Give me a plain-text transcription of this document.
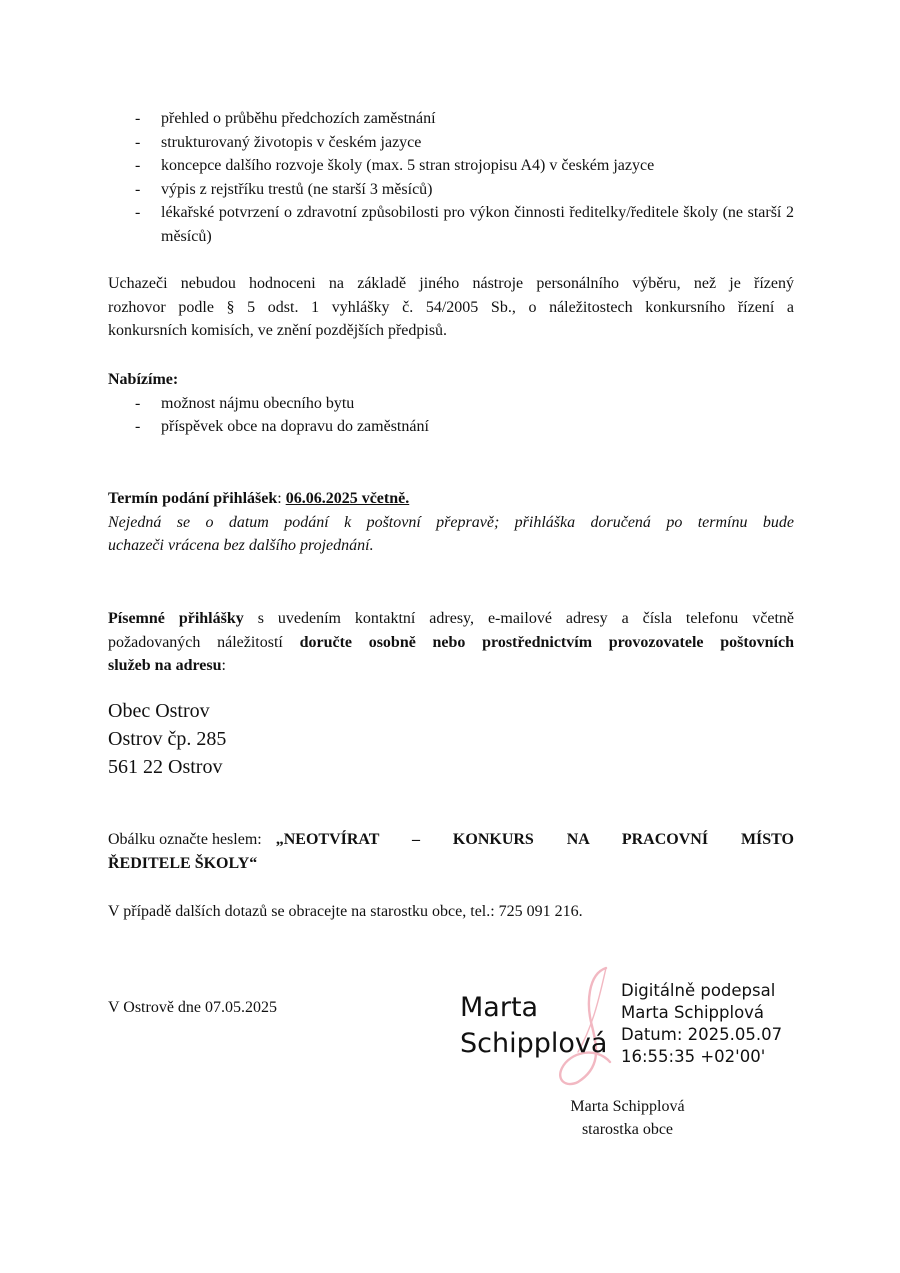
- přehled o průběhu předchozích zaměstnání
- strukturovaný životopis v českém jazyce
- koncepce dalšího rozvoje školy (max. 5 stran strojopisu A4) v českém jazyce
- výpis z rejstříku trestů (ne starší 3 měsíců)
- lékařské potvrzení o zdravotní způsobilosti pro výkon činnosti ředitelky/ředitele školy (ne starší 2 měsíců)
Uchazeči nebudou hodnoceni na základě jiného nástroje personálního výběru, než je řízený
rozhovor podle § 5 odst. 1 vyhlášky č. 54/2005 Sb., o náležitostech konkursního řízení a
konkursních komisích, ve znění pozdějších předpisů.
Nabízíme:
- možnost nájmu obecního bytu
- příspěvek obce na dopravu do zaměstnání
Termín podání přihlášek: 06.06.2025 včetně.
Nejedná se o datum podání k poštovní přepravě; přihláška doručená po termínu bude
uchazeči vrácena bez dalšího projednání.
Písemné přihlášky s uvedením kontaktní adresy, e-mailové adresy a čísla telefonu včetně
požadovaných náležitostí doručte osobně nebo prostřednictvím provozovatele poštovních
služeb na adresu:
Obec Ostrov
Ostrov čp. 285
561 22 Ostrov
Obálku označte heslem: „NEOTVÍRAT – KONKURS NA PRACOVNÍ MÍSTO
ŘEDITELE ŠKOLY“
V případě dalších dotazů se obracejte na starostku obce, tel.: 725 091 216.
V Ostrově dne 07.05.2025	Marta
Schipplová
Digitálně podepsal
Marta Schipplová
Datum: 2025.05.07
16:55:35 +02'00'
Marta Schipplová
starostka obce
